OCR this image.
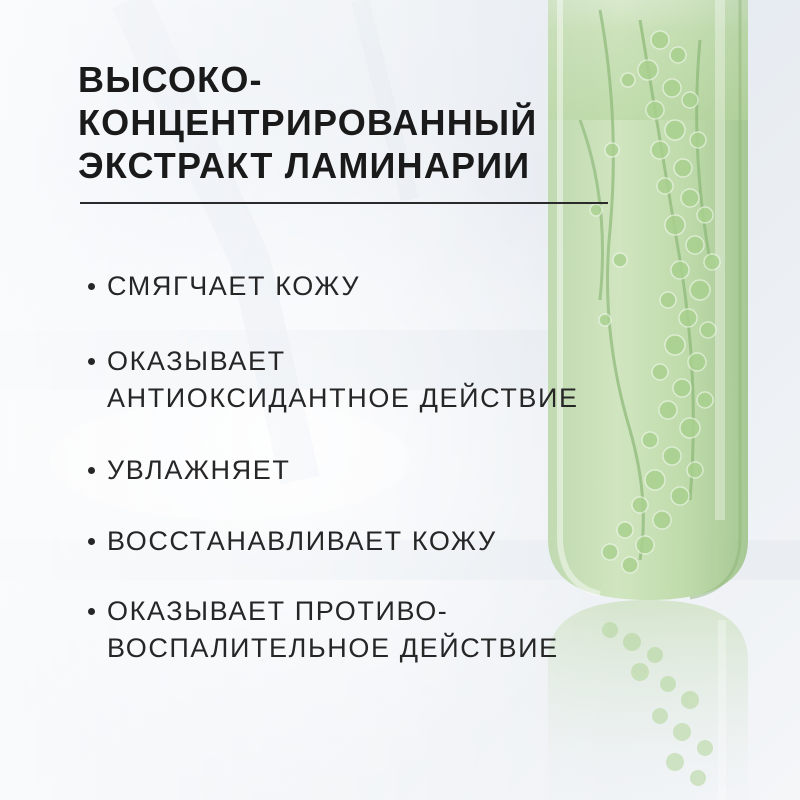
ВЫСОКО-
КОНЦЕНТРИРОВАННЫЙ
ЭКСТРАКТ ЛАМИНАРИИ
СМЯГЧАЕТ КОЖУ
ОКАЗЫВАЕТ
АНТИОКСИДАНТНОЕ ДЕЙСТВИЕ
УВЛАЖНЯЕТ
ВОССТАНАВЛИВАЕТ КОЖУ
ОКАЗЫВАЕТ ПРОТИВО-
ВОСПАЛИТЕЛЬНОЕ ДЕЙСТВИЕ
